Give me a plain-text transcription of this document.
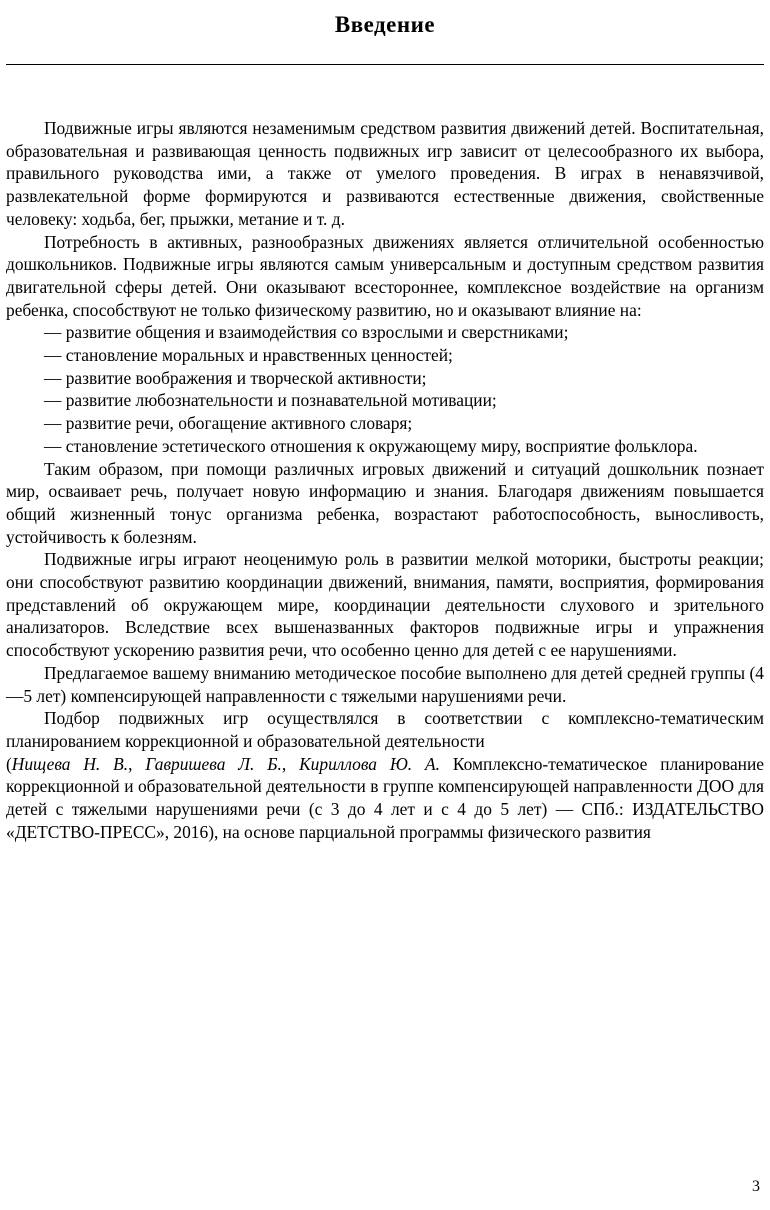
Введение

Подвижные игры являются незаменимым средством развития движений детей. Воспитательная, образовательная и развивающая ценность подвижных игр зависит от целесообразного их выбора, правильного руководства ими, а также от умелого проведения. В играх в ненавязчивой, развлекательной форме формируются и развиваются естественные движения, свойственные человеку: ходьба, бег, прыжки, метание и т. д.

Потребность в активных, разнообразных движениях является отличительной особенностью дошкольников. Подвижные игры являются самым универсальным и доступным средством развития двигательной сферы детей. Они оказывают всестороннее, комплексное воздействие на организм ребенка, способствуют не только физическому развитию, но и оказывают влияние на:

— развитие общения и взаимодействия со взрослыми и сверстниками;

— становление моральных и нравственных ценностей;

— развитие воображения и творческой активности;

— развитие любознательности и познавательной мотивации;

— развитие речи, обогащение активного словаря;

— становление эстетического отношения к окружающему миру, восприятие фольклора.

Таким образом, при помощи различных игровых движений и ситуаций дошкольник познает мир, осваивает речь, получает новую информацию и знания. Благодаря движениям повышается общий жизненный тонус организма ребенка, возрастают работоспособность, выносливость, устойчивость к болезням.

Подвижные игры играют неоценимую роль в развитии мелкой моторики, быстроты реакции; они способствуют развитию координации движений, внимания, памяти, восприятия, формирования представлений об окружающем мире, координации деятельности слухового и зрительного анализаторов. Вследствие всех вышеназванных факторов подвижные игры и упражнения способствуют ускорению развития речи, что особенно ценно для детей с ее нарушениями.

Предлагаемое вашему вниманию методическое пособие выполнено для детей средней группы (4—5 лет) компенсирующей направленности с тяжелыми нарушениями речи.

Подбор подвижных игр осуществлялся в соответствии с комплексно-тематическим планированием коррекционной и образовательной деятельности

(Нищева Н. В., Гавришева Л. Б., Кириллова Ю. А. Комплексно-тематическое планирование коррекционной и образовательной деятельности в группе компенсирующей направленности ДОО для детей с тяжелыми нарушениями речи (с 3 до 4 лет и с 4 до 5 лет) — СПб.: ИЗДАТЕЛЬСТВО «ДЕТСТВО-ПРЕСС», 2016), на основе парциальной программы физического развития

3
